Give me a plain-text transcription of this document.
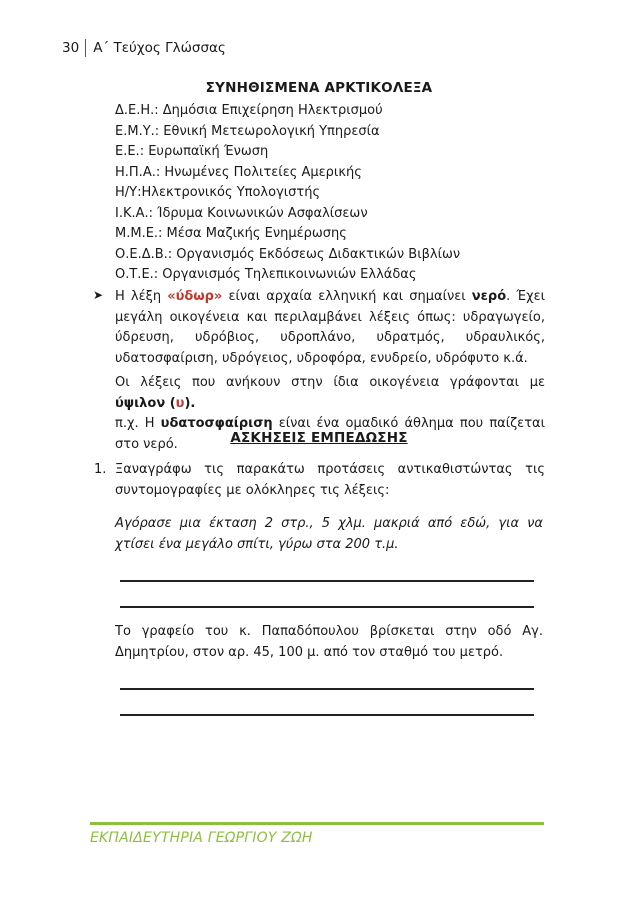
30	Α΄ Τεύχος Γλώσσας
ΣΥΝΗΘΙΣΜΕΝΑ ΑΡΚΤΙΚΟΛΕΞΑ
Δ.Ε.Η.: Δημόσια Επιχείρηση Ηλεκτρισμού
Ε.Μ.Υ.: Εθνική Μετεωρολογική Υπηρεσία
Ε.Ε.: Ευρωπαϊκή Ένωση
Η.Π.Α.: Ηνωμένες Πολιτείες Αμερικής
Η/Υ:Ηλεκτρονικός Υπολογιστής
Ι.Κ.Α.: Ίδρυμα Κοινωνικών Ασφαλίσεων
Μ.Μ.Ε.: Μέσα Μαζικής Ενημέρωσης
Ο.Ε.Δ.Β.: Οργανισμός Εκδόσεως Διδακτικών Βιβλίων
Ο.Τ.Ε.: Οργανισμός Τηλεπικοινωνιών Ελλάδας
➤ Η λέξη «ύδωρ» είναι αρχαία ελληνική και σημαίνει νερό. Έχει μεγάλη οικογένεια και περιλαμβάνει λέξεις όπως: υδραγωγείο, ύδρευση, υδρόβιος, υδροπλάνο, υδρατμός, υδραυλικός, υδατοσφαίριση, υδρόγειος, υδροφόρα, ενυδρείο, υδρόφυτο κ.ά.
Οι λέξεις που ανήκουν στην ίδια οικογένεια γράφονται με ύψιλον (υ).
π.χ. Η υδατοσφαίριση είναι ένα ομαδικό άθλημα που παίζεται στο νερό.	ΑΣΚΗΣΕΙΣ ΕΜΠΕΔΩΣΗΣ
1. Ξαναγράφω τις παρακάτω προτάσεις αντικαθιστώντας τις συντομογραφίες με ολόκληρες τις λέξεις:
Αγόρασε μια έκταση 2 στρ., 5 χλμ. μακριά από εδώ, για να χτίσει ένα μεγάλο σπίτι, γύρω στα 200 τ.μ.
Το γραφείο του κ. Παπαδόπουλου βρίσκεται στην οδό Αγ. Δημητρίου, στον αρ. 45, 100 μ. από τον σταθμό του μετρό.
ΕΚΠΑΙΔΕΥΤΗΡΙΑ ΓΕΩΡΓΙΟΥ ΖΩΗ
